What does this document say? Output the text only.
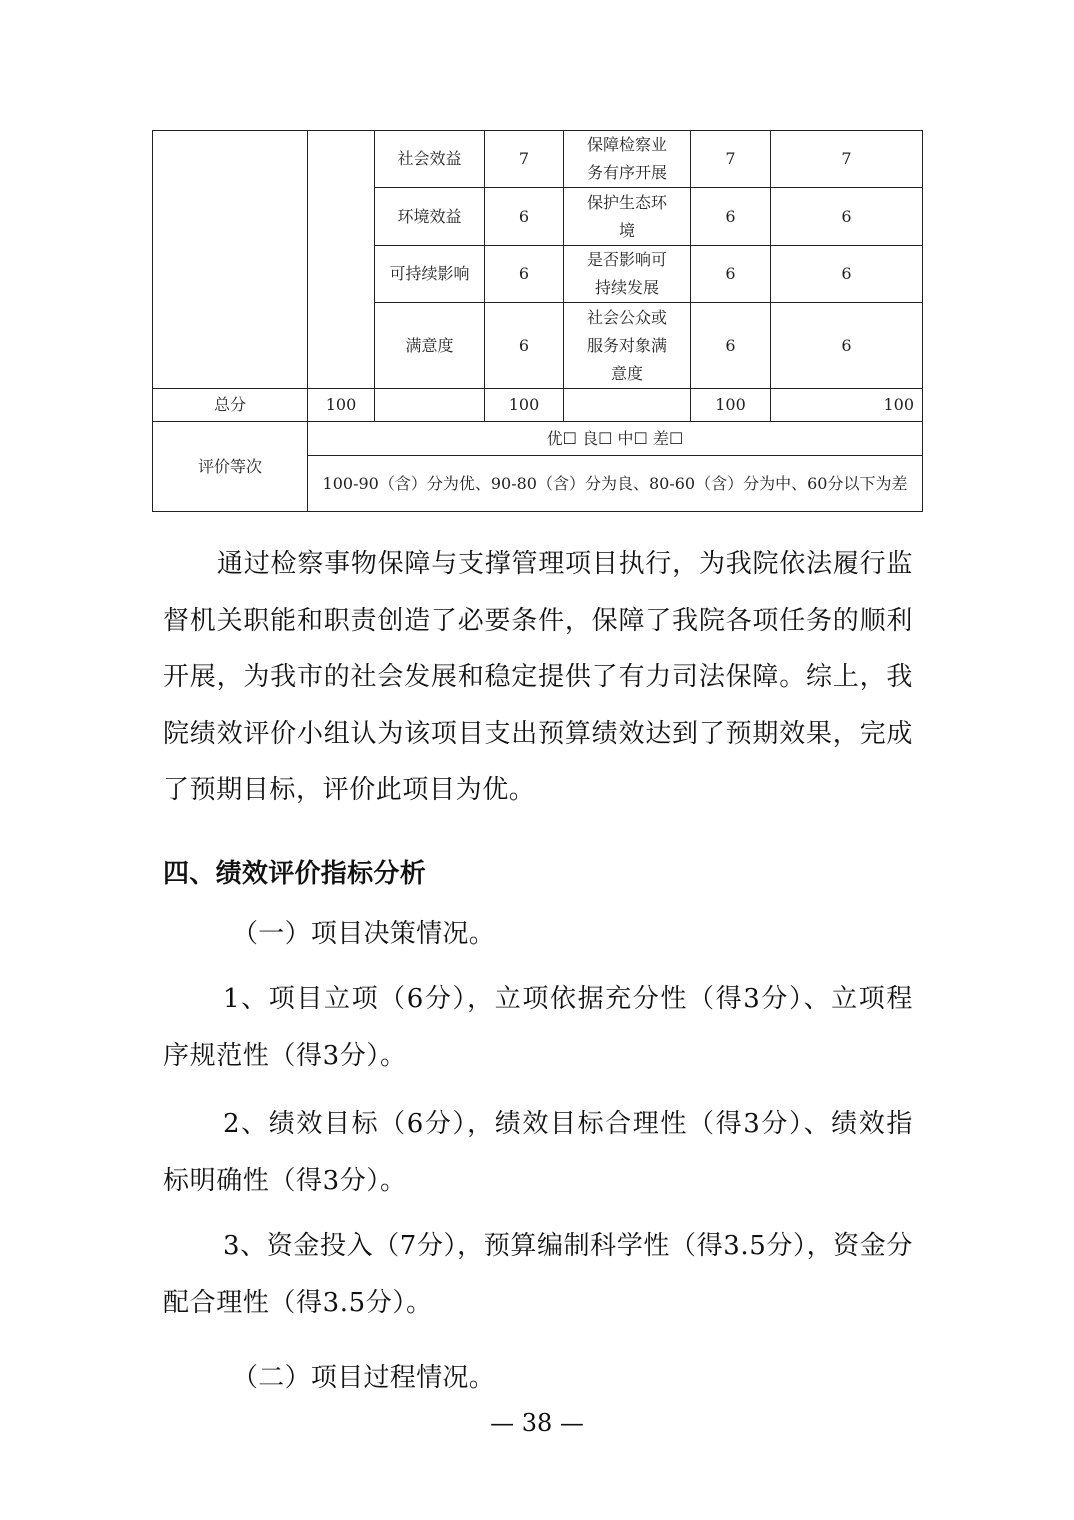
		社会效益	7	保障检察业务有序开展	7	7
		环境效益	6	保护生态环境	6	6
		可持续影响	6	是否影响可持续发展	6	6
		满意度	6	社会公众或服务对象满意度	6	6
总分	100		100		100	100
评价等次	优☐ 良☐ 中☐ 差☐					
	100-90（含）分为优、90-80（含）分为良、80-60（含）分为中、60分以下为差					
通过检察事物保障与支撑管理项目执行，为我院依法履行监督机关职能和职责创造了必要条件，保障了我院各项任务的顺利开展，为我市的社会发展和稳定提供了有力司法保障。综上，我院绩效评价小组认为该项目支出预算绩效达到了预期效果，完成了预期目标，评价此项目为优。
四、绩效评价指标分析
（一）项目决策情况。
1、项目立项（6分），立项依据充分性（得3分）、立项程序规范性（得3分）。
2、绩效目标（6分），绩效目标合理性（得3分）、绩效指标明确性（得3分）。
3、资金投入（7分），预算编制科学性（得3.5分），资金分配合理性（得3.5分）。
（二）项目过程情况。
— 38 —
